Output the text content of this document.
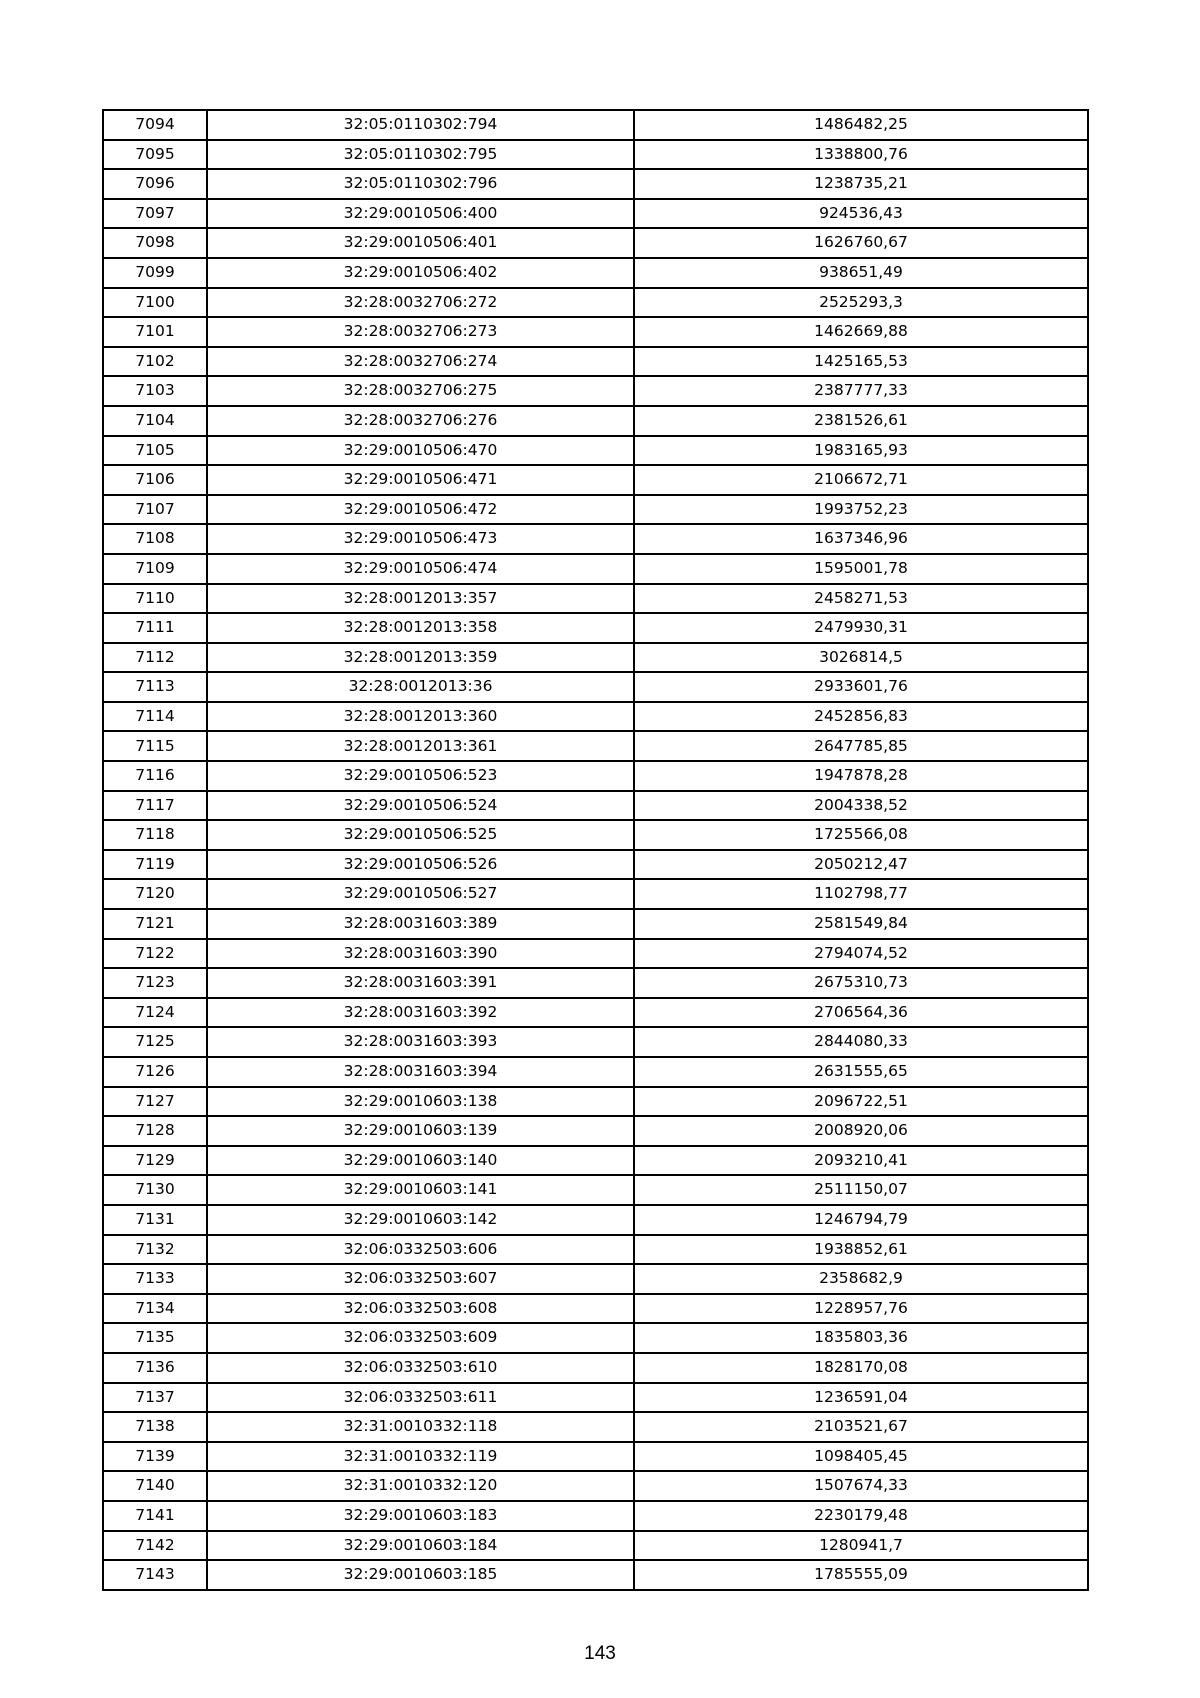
7094	32:05:0110302:794	1486482,25
7095	32:05:0110302:795	1338800,76
7096	32:05:0110302:796	1238735,21
7097	32:29:0010506:400	924536,43
7098	32:29:0010506:401	1626760,67
7099	32:29:0010506:402	938651,49
7100	32:28:0032706:272	2525293,3
7101	32:28:0032706:273	1462669,88
7102	32:28:0032706:274	1425165,53
7103	32:28:0032706:275	2387777,33
7104	32:28:0032706:276	2381526,61
7105	32:29:0010506:470	1983165,93
7106	32:29:0010506:471	2106672,71
7107	32:29:0010506:472	1993752,23
7108	32:29:0010506:473	1637346,96
7109	32:29:0010506:474	1595001,78
7110	32:28:0012013:357	2458271,53
7111	32:28:0012013:358	2479930,31
7112	32:28:0012013:359	3026814,5
7113	32:28:0012013:36	2933601,76
7114	32:28:0012013:360	2452856,83
7115	32:28:0012013:361	2647785,85
7116	32:29:0010506:523	1947878,28
7117	32:29:0010506:524	2004338,52
7118	32:29:0010506:525	1725566,08
7119	32:29:0010506:526	2050212,47
7120	32:29:0010506:527	1102798,77
7121	32:28:0031603:389	2581549,84
7122	32:28:0031603:390	2794074,52
7123	32:28:0031603:391	2675310,73
7124	32:28:0031603:392	2706564,36
7125	32:28:0031603:393	2844080,33
7126	32:28:0031603:394	2631555,65
7127	32:29:0010603:138	2096722,51
7128	32:29:0010603:139	2008920,06
7129	32:29:0010603:140	2093210,41
7130	32:29:0010603:141	2511150,07
7131	32:29:0010603:142	1246794,79
7132	32:06:0332503:606	1938852,61
7133	32:06:0332503:607	2358682,9
7134	32:06:0332503:608	1228957,76
7135	32:06:0332503:609	1835803,36
7136	32:06:0332503:610	1828170,08
7137	32:06:0332503:611	1236591,04
7138	32:31:0010332:118	2103521,67
7139	32:31:0010332:119	1098405,45
7140	32:31:0010332:120	1507674,33
7141	32:29:0010603:183	2230179,48
7142	32:29:0010603:184	1280941,7
7143	32:29:0010603:185	1785555,09
143
